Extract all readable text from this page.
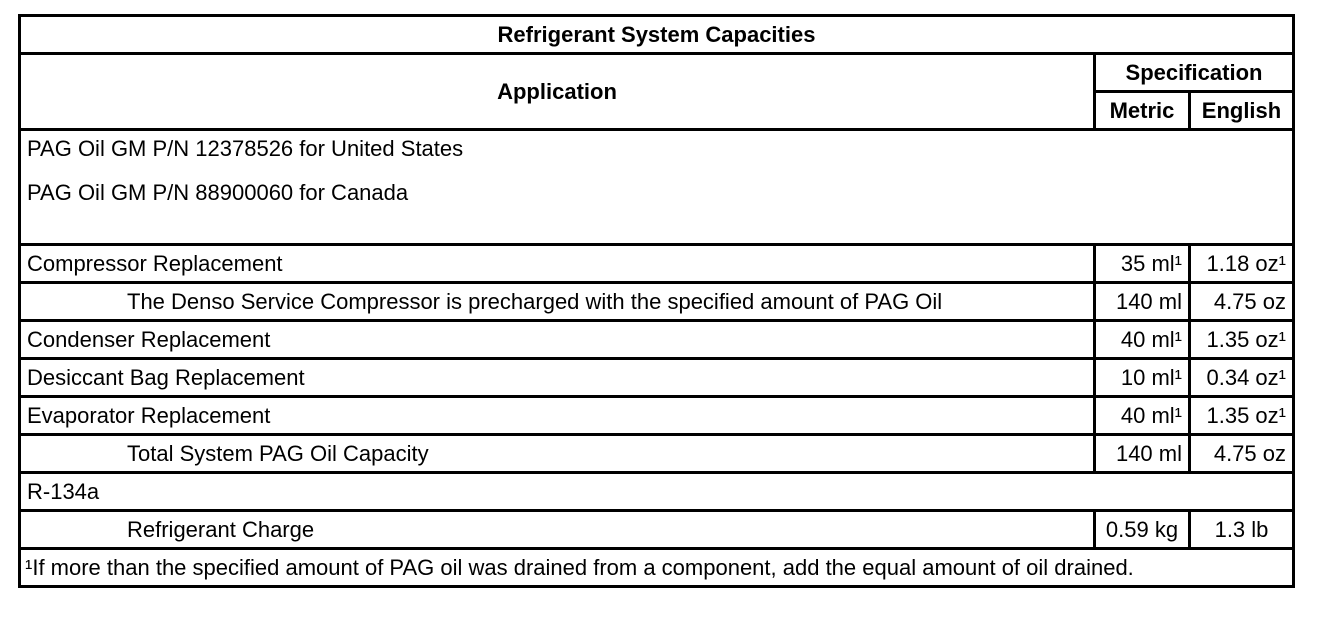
Refrigerant System Capacities		
Application	Specification	
	Metric	English

PAG Oil GM P/N 12378526 for United States
PAG Oil GM P/N 88900060 for Canada		

Compressor Replacement	35 ml¹	1.18 oz¹
The Denso Service Compressor is precharged with the specified amount of PAG Oil	140 ml	4.75 oz
Condenser Replacement	40 ml¹	1.35 oz¹
Desiccant Bag Replacement	10 ml¹	0.34 oz¹
Evaporator Replacement	40 ml¹	1.35 oz¹
Total System PAG Oil Capacity	140 ml	4.75 oz
R-134a		
Refrigerant Charge	0.59 kg	1.3 lb
¹If more than the specified amount of PAG oil was drained from a component, add the equal amount of oil drained.		
